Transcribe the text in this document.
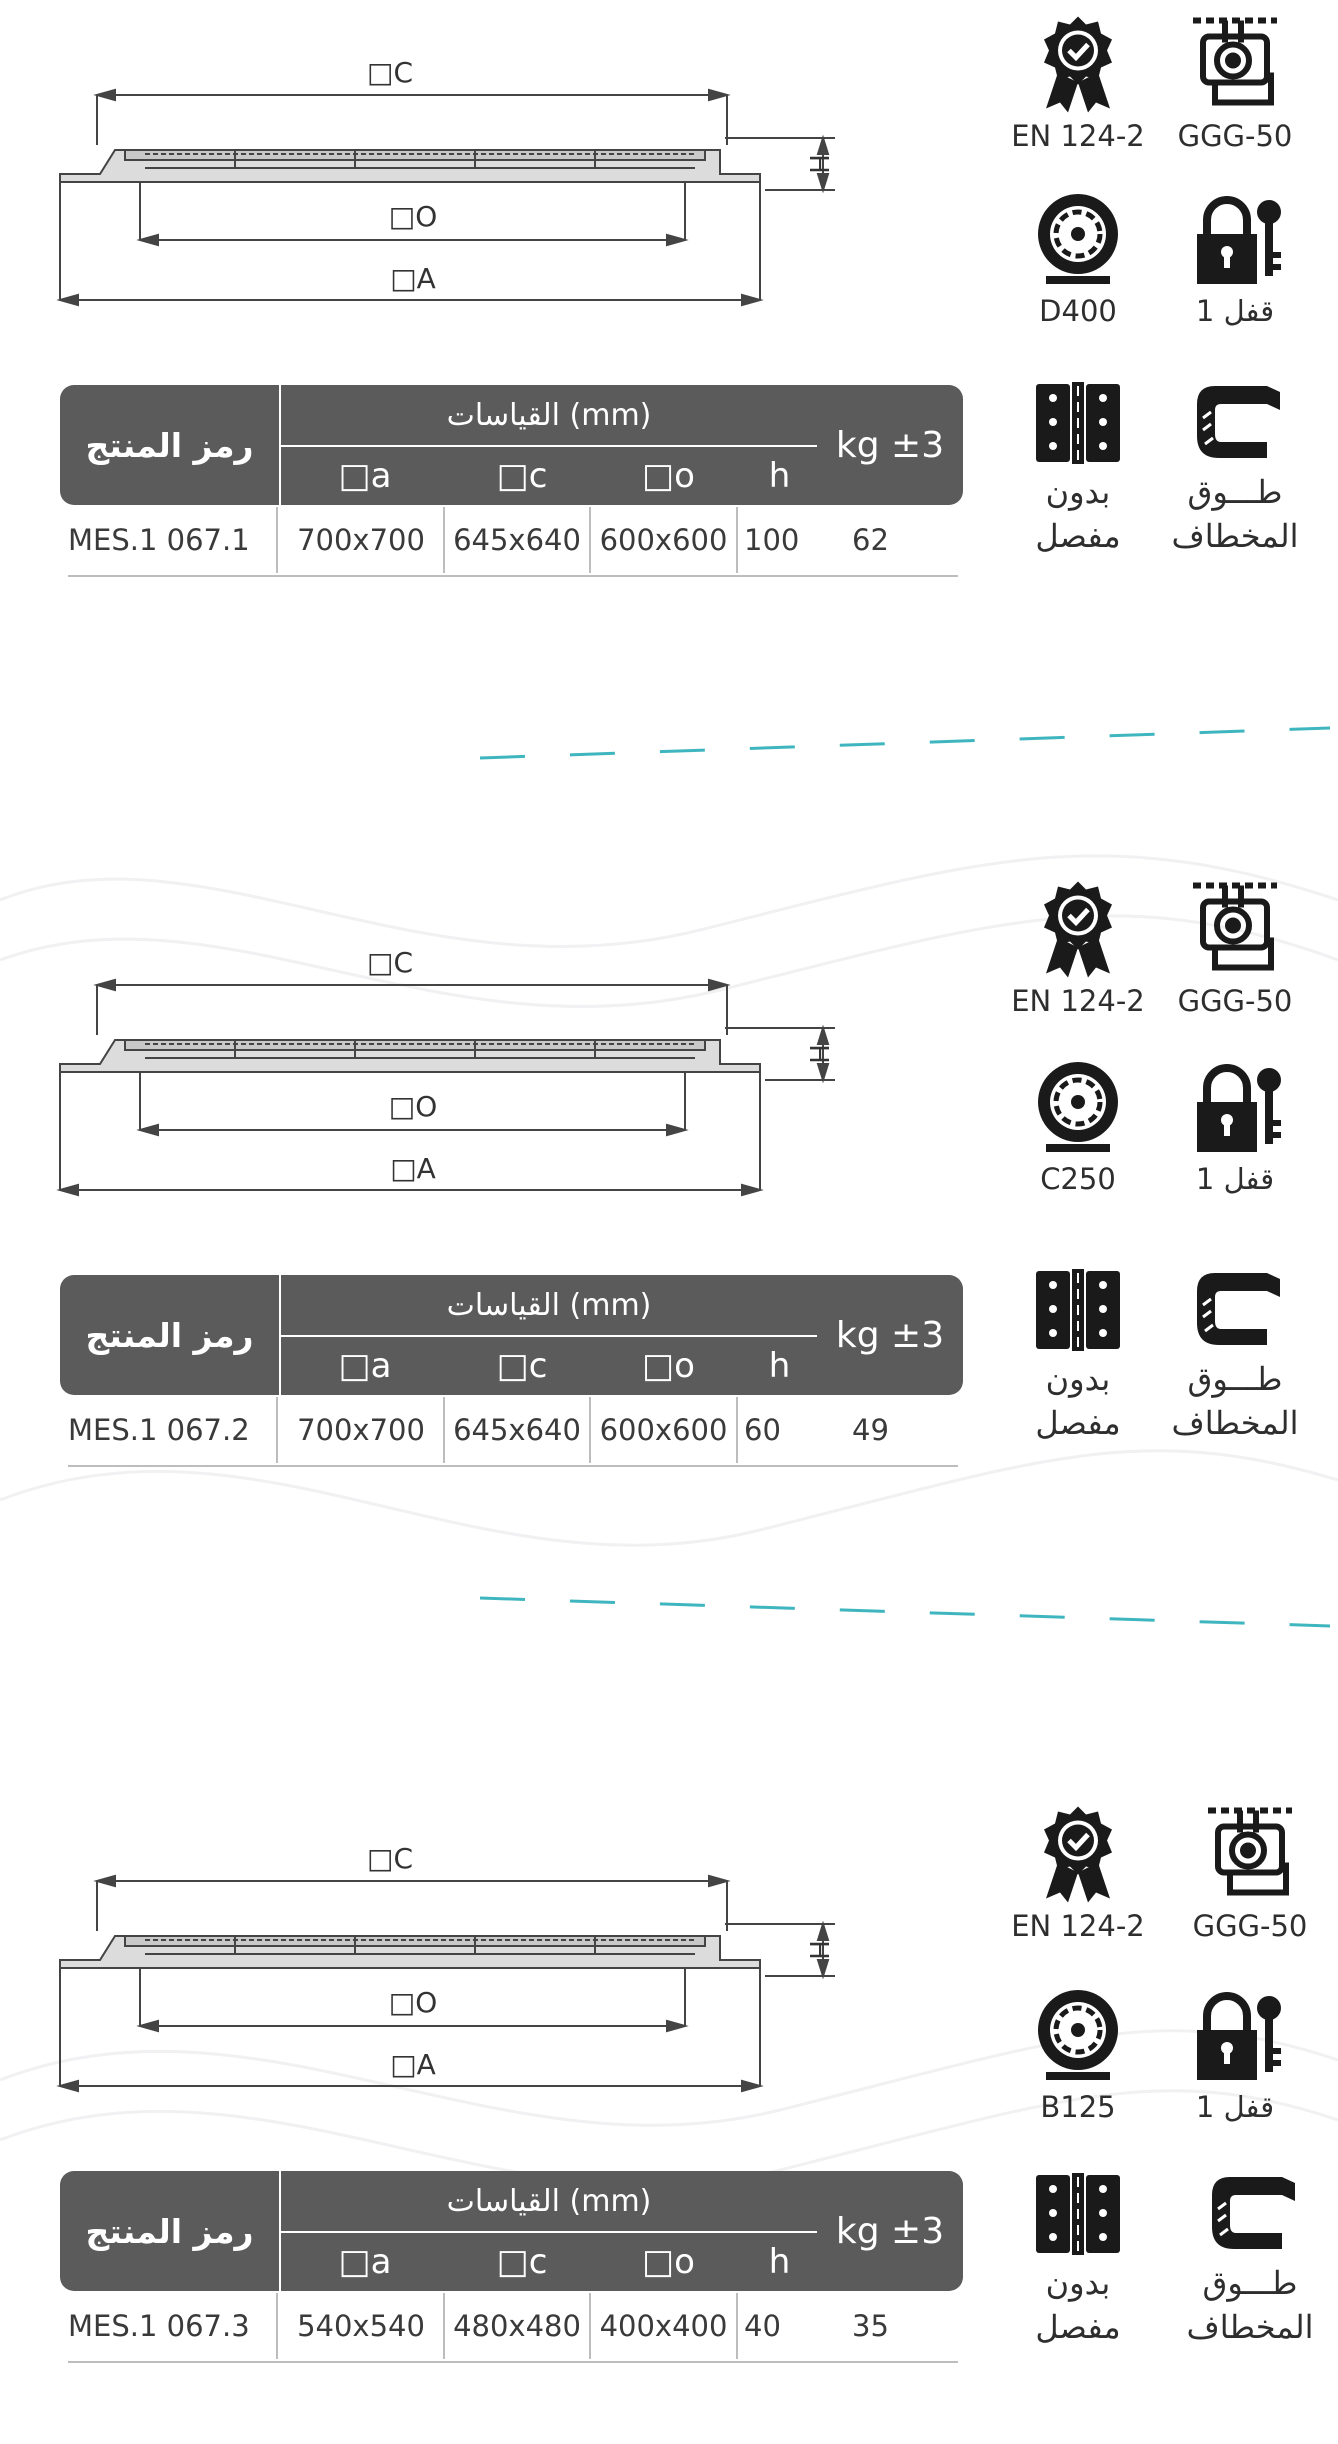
□C
□O
□A
H
رمز المنتج
القياسات (mm)
kg ±3
□a	□c	□o	h
MES.1 067.1	700x700 645x640 600x600 100	62
GGG-50
EN 124-2
1 قفل
D400
طـــوق المخطاف
بدون مفصل
□C
□O
□A
H
رمز المنتج
القياسات (mm)
kg ±3
□a	□c	□o	h
MES.1 067.2	700x700 645x640 600x600 60	49
GGG-50
EN 124-2
1 قفل
C250
طـــوق المخطاف
بدون مفصل
□C
□O
□A
H
رمز المنتج
القياسات (mm)
kg ±3
□a	□c	□o	h
MES.1 067.3	540x540 480x480 400x400 40	35
GGG-50
EN 124-2
1 قفل
B125
طـــوق المخطاف
بدون مفصل
